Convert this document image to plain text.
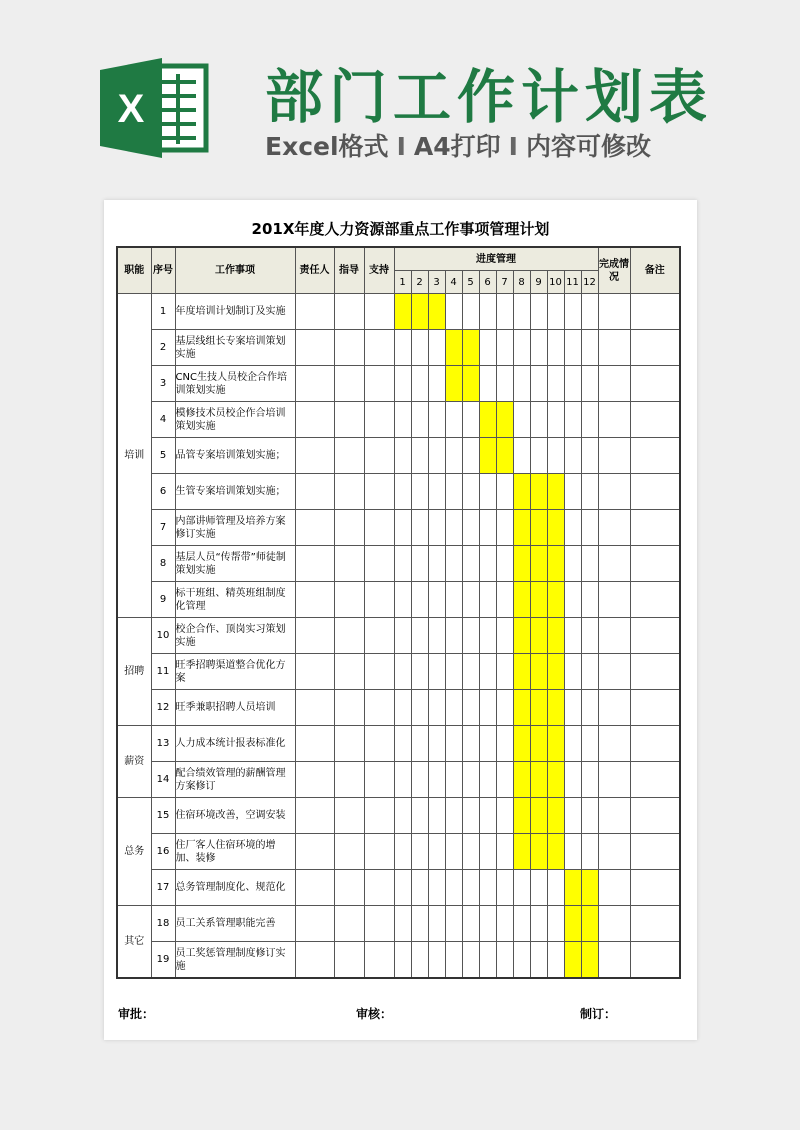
X 部门工作计划表
Excel格式 I A4打印 I 内容可修改
201X年度人力资源部重点工作事项管理计划
职能	序号	工作事项	责任人	指导	支持	进度管理												完成情况	备注
						1	2	3	4	5	6	7	8	9	10	11	12		
培训	1	年度培训计划制订及实施																	
	2	基层线组长专案培训策划实施																	
	3	CNC生技人员校企合作培训策划实施																	
	4	模修技术员校企作合培训策划实施																	
	5	品管专案培训策划实施；																	
	6	生管专案培训策划实施；																	
	7	内部讲师管理及培养方案修订实施																	
	8	基层人员“传帮带”师徒制策划实施																	
	9	标干班组、精英班组制度化管理																	
招聘	10	校企合作、顶岗实习策划实施																	
	11	旺季招聘渠道整合优化方案																	
	12	旺季兼职招聘人员培训																	
薪资	13	人力成本统计报表标准化																	
	14	配合绩效管理的薪酬管理方案修订																	
总务	15	住宿环境改善，空调安装																	
	16	住厂客人住宿环境的增加、装修																	
	17	总务管理制度化、规范化																	
其它	18	员工关系管理职能完善																	
	19	员工奖惩管理制度修订实施																	
审批：	审核：	制订：
